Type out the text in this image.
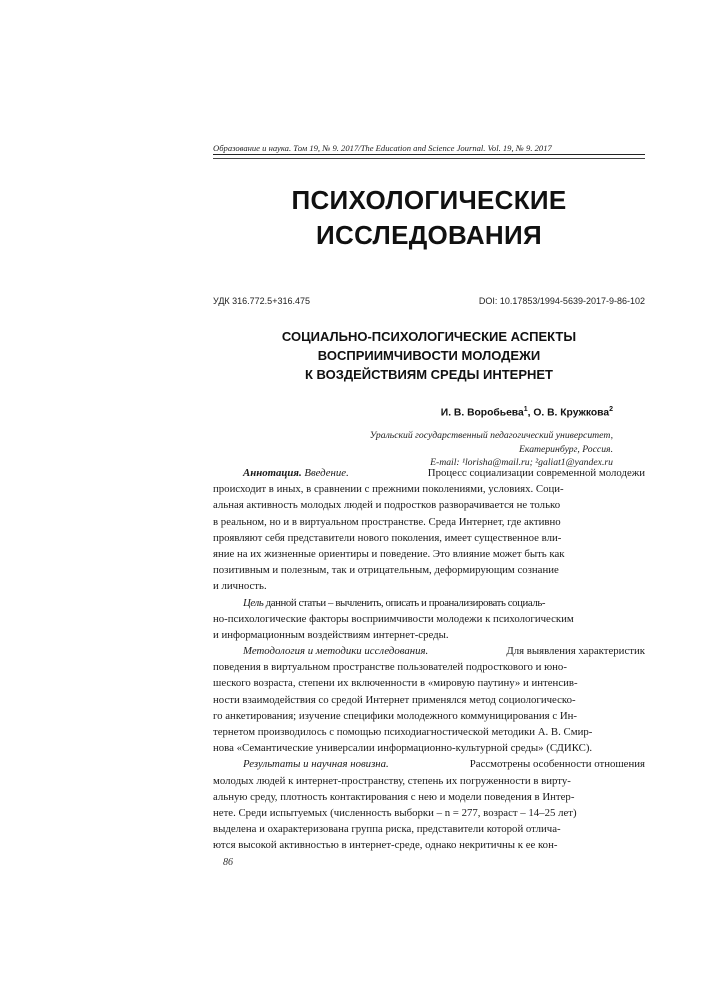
Образование и наука. Том 19, № 9. 2017/The Education and Science Journal. Vol. 19, № 9. 2017
ПСИХОЛОГИЧЕСКИЕ
ИССЛЕДОВАНИЯ
УДК 316.772.5+316.475	DOI: 10.17853/1994-5639-2017-9-86-102
СОЦИАЛЬНО-ПСИХОЛОГИЧЕСКИЕ АСПЕКТЫ
ВОСПРИИМЧИВОСТИ МОЛОДЕЖИ
К ВОЗДЕЙСТВИЯМ СРЕДЫ ИНТЕРНЕТ
И. В. Воробьева$^1$, О. В. Кружкова$^2$
Уральский государственный педагогический университет,
Екатеринбург, Россия.
E-mail: ¹lorisha@mail.ru; ²galiat1@yandex.ru
Аннотация. Введение.	Процесс социализации современной молодежи
происходит в иных, в сравнении с прежними поколениями, условиях. Соци-
альная активность молодых людей и подростков разворачивается не только
в реальном, но и в виртуальном пространстве. Среда Интернет, где активно
проявляют себя представители нового поколения, имеет существенное вли-
яние на их жизненные ориентиры и поведение. Это влияние может быть как
позитивным и полезным, так и отрицательным, деформирующим сознание
и личность.
Цель данной статьи – вычленить, описать и проанализировать социаль-
но-психологические факторы восприимчивости молодежи к психологическим
и информационным воздействиям интернет-среды.
Методология и методики исследования.	Для выявления характеристик
поведения в виртуальном пространстве пользователей подросткового и юно-
шеского возраста, степени их включенности в «мировую паутину» и интенсив-
ности взаимодействия со средой Интернет применялся метод социологическо-
го анкетирования; изучение специфики молодежного коммуницирования с Ин-
тернетом производилось с помощью психодиагностической методики А. В. Смир-
нова «Семантические универсалии информационно-культурной среды» (СДИКС).
Результаты и научная новизна.	Рассмотрены особенности отношения
молодых людей к интернет-пространству, степень их погруженности в вирту-
альную среду, плотность контактирования с нею и модели поведения в Интер-
нете. Среди испытуемых (численность выборки – n = 277, возраст – 14–25 лет)
выделена и охарактеризована группа риска, представители которой отлича-
ются высокой активностью в интернет-среде, однако некритичны к ее кон-
86
